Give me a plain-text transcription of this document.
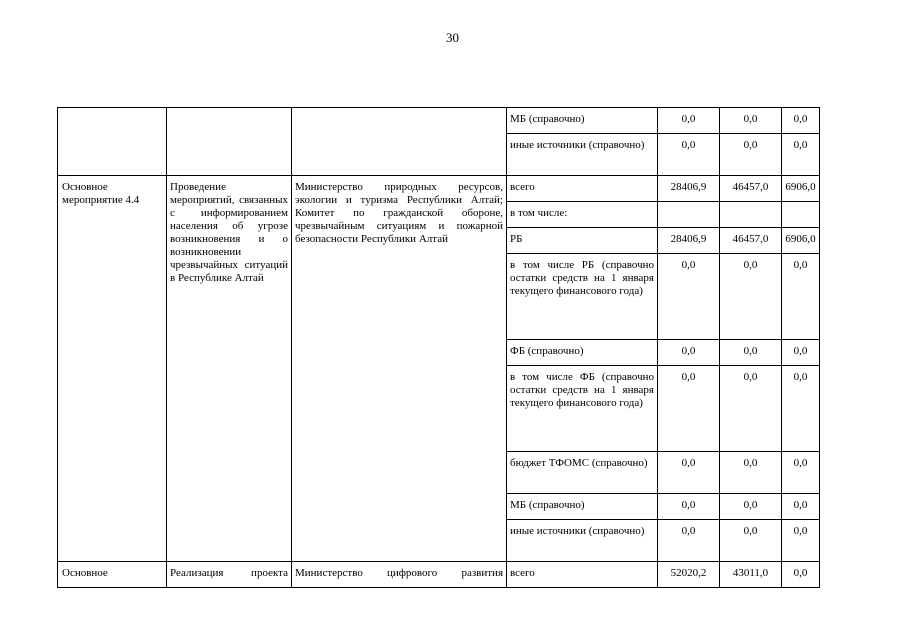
30
			МБ (справочно)	0,0	0,0	0,0
			иные источники (справочно)	0,0	0,0	0,0
Основное мероприятие 4.4	Проведение мероприятий, связанных с информированием населения об угрозе возникновения и о возникновении чрезвычайных ситуаций в Республике Алтай	Министерство природных ресурсов, экологии и туризма Республики Алтай; Комитет по гражданской обороне, чрезвычайным ситуациям и пожарной безопасности Республики Алтай	всего	28406,9	46457,0	6906,0
			в том числе:			
			РБ	28406,9	46457,0	6906,0
			в том числе РБ (справочно остатки средств на 1 января текущего финансового года)	0,0	0,0	0,0
			ФБ (справочно)	0,0	0,0	0,0
			в том числе ФБ (справочно остатки средств на 1 января текущего финансового года)	0,0	0,0	0,0
			бюджет ТФОМС (справочно)	0,0	0,0	0,0
			МБ (справочно)	0,0	0,0	0,0
			иные источники (справочно)	0,0	0,0	0,0
Основное	Реализация проекта	Министерство цифрового развития	всего	52020,2	43011,0	0,0
